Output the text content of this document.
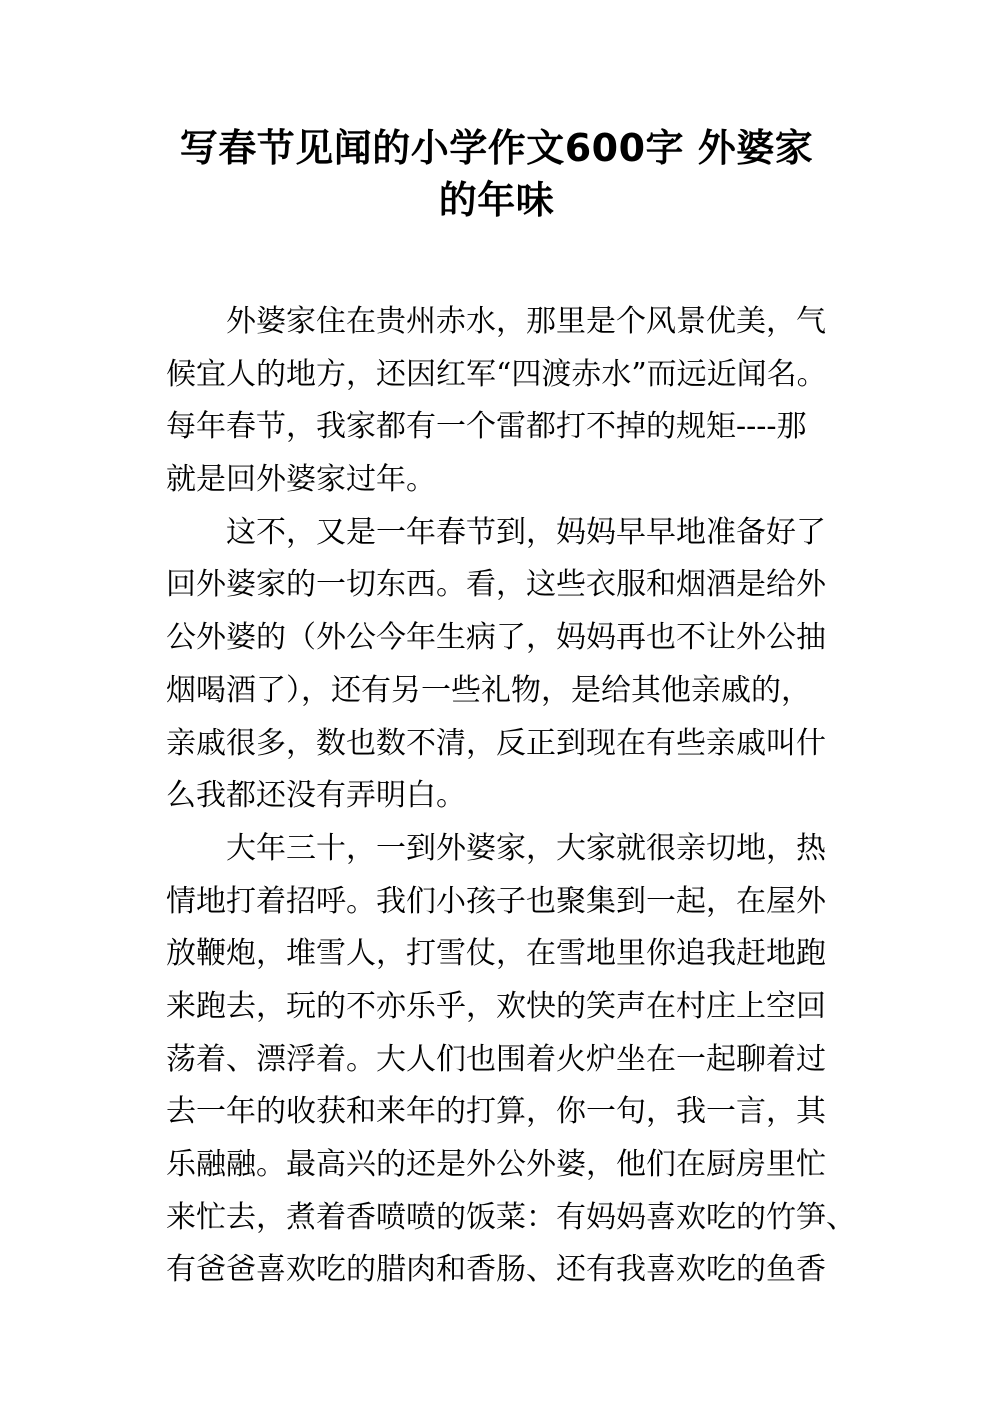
写春节见闻的小学作文600字 外婆家
的年味
外婆家住在贵州赤水，那里是个风景优美，气
候宜人的地方，还因红军“四渡赤水”而远近闻名。
每年春节，我家都有一个雷都打不掉的规矩----那
就是回外婆家过年。
这不，又是一年春节到，妈妈早早地准备好了
回外婆家的一切东西。看，这些衣服和烟酒是给外
公外婆的（外公今年生病了，妈妈再也不让外公抽
烟喝酒了），还有另一些礼物，是给其他亲戚的，
亲戚很多，数也数不清，反正到现在有些亲戚叫什
么我都还没有弄明白。
大年三十，一到外婆家，大家就很亲切地，热
情地打着招呼。我们小孩子也聚集到一起，在屋外
放鞭炮，堆雪人，打雪仗，在雪地里你追我赶地跑
来跑去，玩的不亦乐乎，欢快的笑声在村庄上空回
荡着、漂浮着。大人们也围着火炉坐在一起聊着过
去一年的收获和来年的打算，你一句，我一言，其
乐融融。最高兴的还是外公外婆，他们在厨房里忙
来忙去，煮着香喷喷的饭菜：有妈妈喜欢吃的竹笋、
有爸爸喜欢吃的腊肉和香肠、还有我喜欢吃的鱼香
